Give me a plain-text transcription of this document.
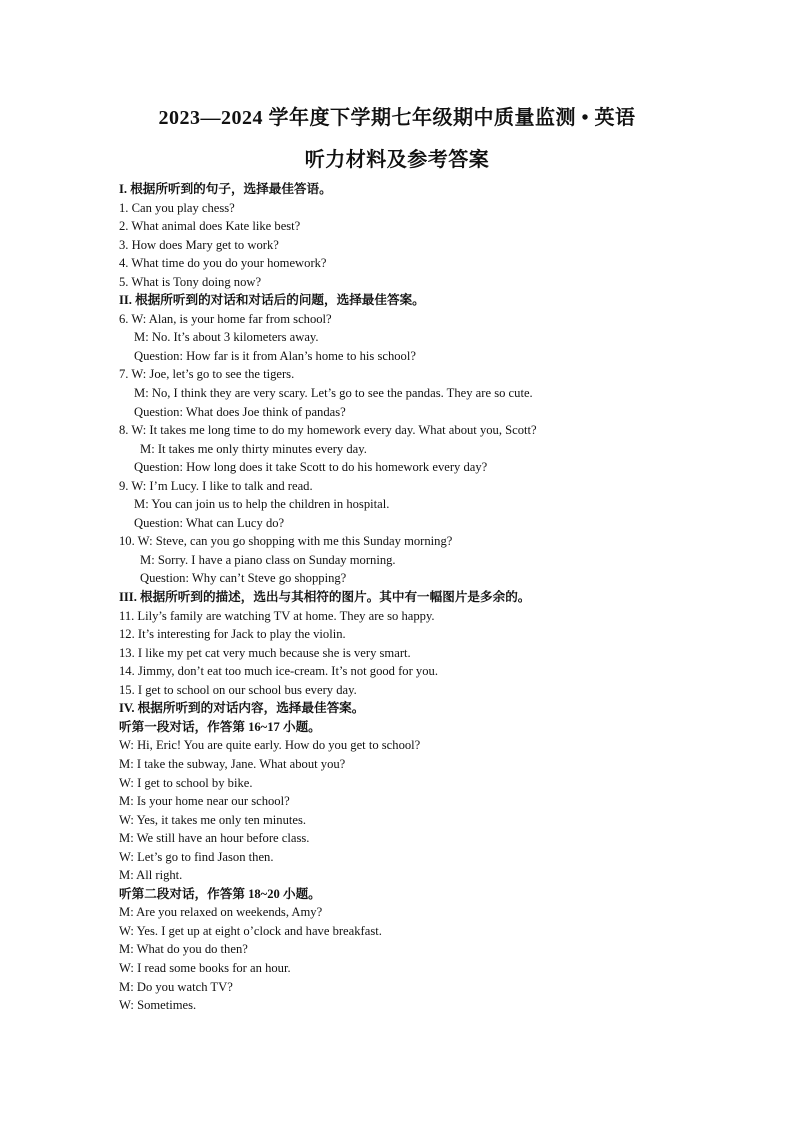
2023—2024 学年度下学期七年级期中质量监测 • 英语
听力材料及参考答案
I. 根据所听到的句子，选择最佳答语。
1. Can you play chess?
2. What animal does Kate like best?
3. How does Mary get to work?
4. What time do you do your homework?
5. What is Tony doing now?
II. 根据所听到的对话和对话后的问题，选择最佳答案。
6. W: Alan, is your home far from school?
M: No. It’s about 3 kilometers away.
Question: How far is it from Alan’s home to his school?
7. W: Joe, let’s go to see the tigers.
M: No, I think they are very scary. Let’s go to see the pandas. They are so cute.
Question: What does Joe think of pandas?
8. W: It takes me long time to do my homework every day. What about you, Scott?
M: It takes me only thirty minutes every day.
Question: How long does it take Scott to do his homework every day?
9. W: I’m Lucy. I like to talk and read.
M: You can join us to help the children in hospital.
Question: What can Lucy do?
10. W: Steve, can you go shopping with me this Sunday morning?
M: Sorry. I have a piano class on Sunday morning.
Question: Why can’t Steve go shopping?
III. 根据所听到的描述，选出与其相符的图片。其中有一幅图片是多余的。
11. Lily’s family are watching TV at home. They are so happy.
12. It’s interesting for Jack to play the violin.
13. I like my pet cat very much because she is very smart.
14. Jimmy, don’t eat too much ice-cream. It’s not good for you.
15. I get to school on our school bus every day.
IV. 根据所听到的对话内容，选择最佳答案。
听第一段对话，作答第 16~17 小题。
W: Hi, Eric! You are quite early. How do you get to school?
M: I take the subway, Jane. What about you?
W: I get to school by bike.
M: Is your home near our school?
W: Yes, it takes me only ten minutes.
M: We still have an hour before class.
W: Let’s go to find Jason then.
M: All right.
听第二段对话，作答第 18~20 小题。
M: Are you relaxed on weekends, Amy?
W: Yes. I get up at eight o’clock and have breakfast.
M: What do you do then?
W: I read some books for an hour.
M: Do you watch TV?
W: Sometimes.
